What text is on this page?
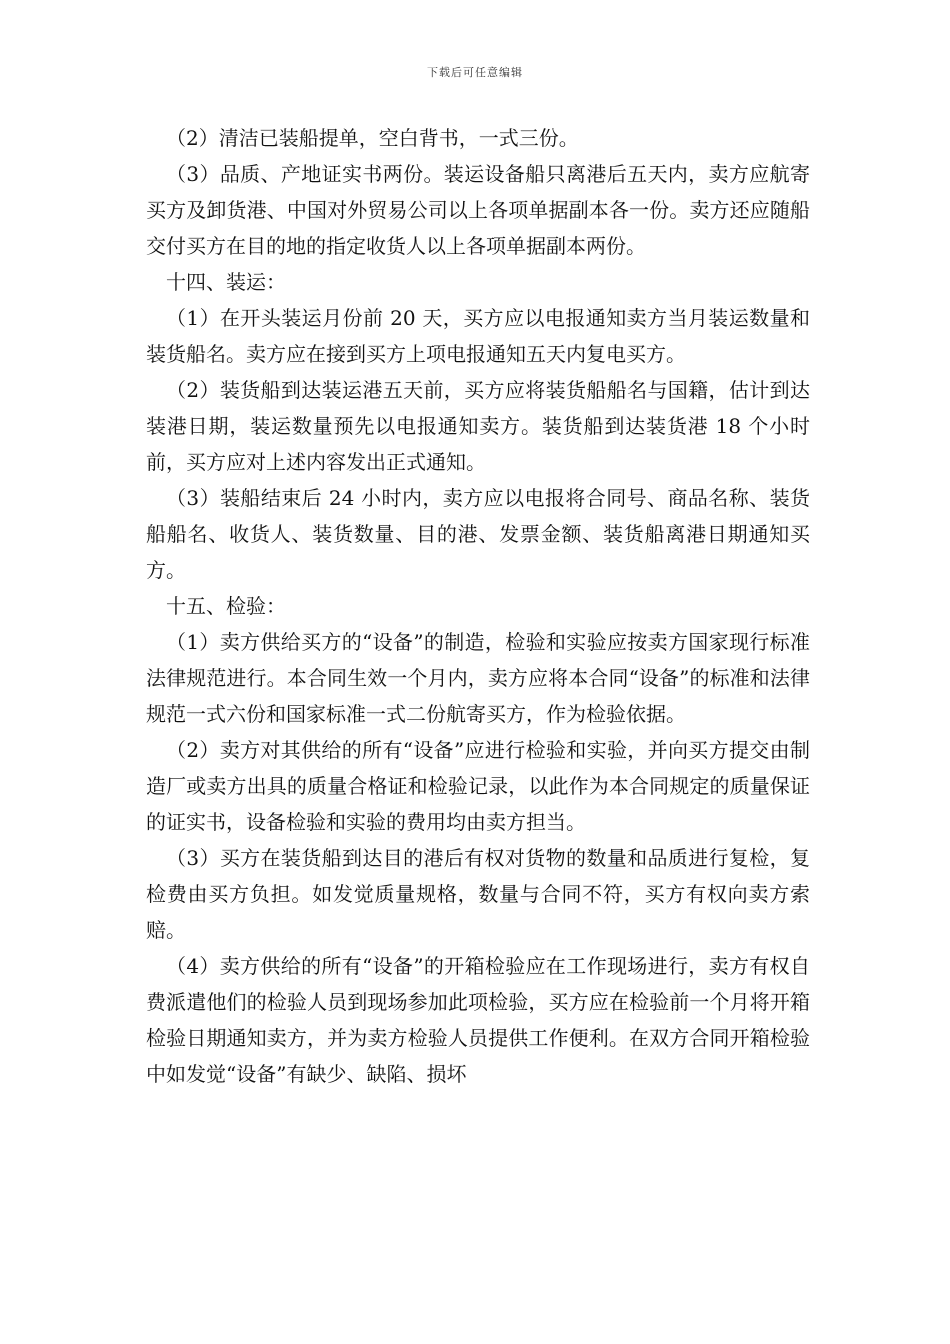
下载后可任意编辑

（2）清洁已装船提单，空白背书，一式三份。

（3）品质、产地证实书两份。装运设备船只离港后五天内，卖方应航寄买方及卸货港、中国对外贸易公司以上各项单据副本各一份。卖方还应随船交付买方在目的地的指定收货人以上各项单据副本两份。

十四、装运：

（1）在开头装运月份前 20 天，买方应以电报通知卖方当月装运数量和装货船名。卖方应在接到买方上项电报通知五天内复电买方。

（2）装货船到达装运港五天前，买方应将装货船船名与国籍，估计到达装港日期，装运数量预先以电报通知卖方。装货船到达装货港 18 个小时前，买方应对上述内容发出正式通知。

（3）装船结束后 24 小时内，卖方应以电报将合同号、商品名称、装货船船名、收货人、装货数量、目的港、发票金额、装货船离港日期通知买方。

十五、检验：

（1）卖方供给买方的“设备”的制造，检验和实验应按卖方国家现行标准法律规范进行。本合同生效一个月内，卖方应将本合同“设备”的标准和法律规范一式六份和国家标准一式二份航寄买方，作为检验依据。

（2）卖方对其供给的所有“设备”应进行检验和实验，并向买方提交由制造厂或卖方出具的质量合格证和检验记录，以此作为本合同规定的质量保证的证实书，设备检验和实验的费用均由卖方担当。

（3）买方在装货船到达目的港后有权对货物的数量和品质进行复检，复检费由买方负担。如发觉质量规格，数量与合同不符，买方有权向卖方索赔。

（4）卖方供给的所有“设备”的开箱检验应在工作现场进行，卖方有权自费派遣他们的检验人员到现场参加此项检验，买方应在检验前一个月将开箱检验日期通知卖方，并为卖方检验人员提供工作便利。在双方合同开箱检验中如发觉“设备”有缺少、缺陷、损坏
